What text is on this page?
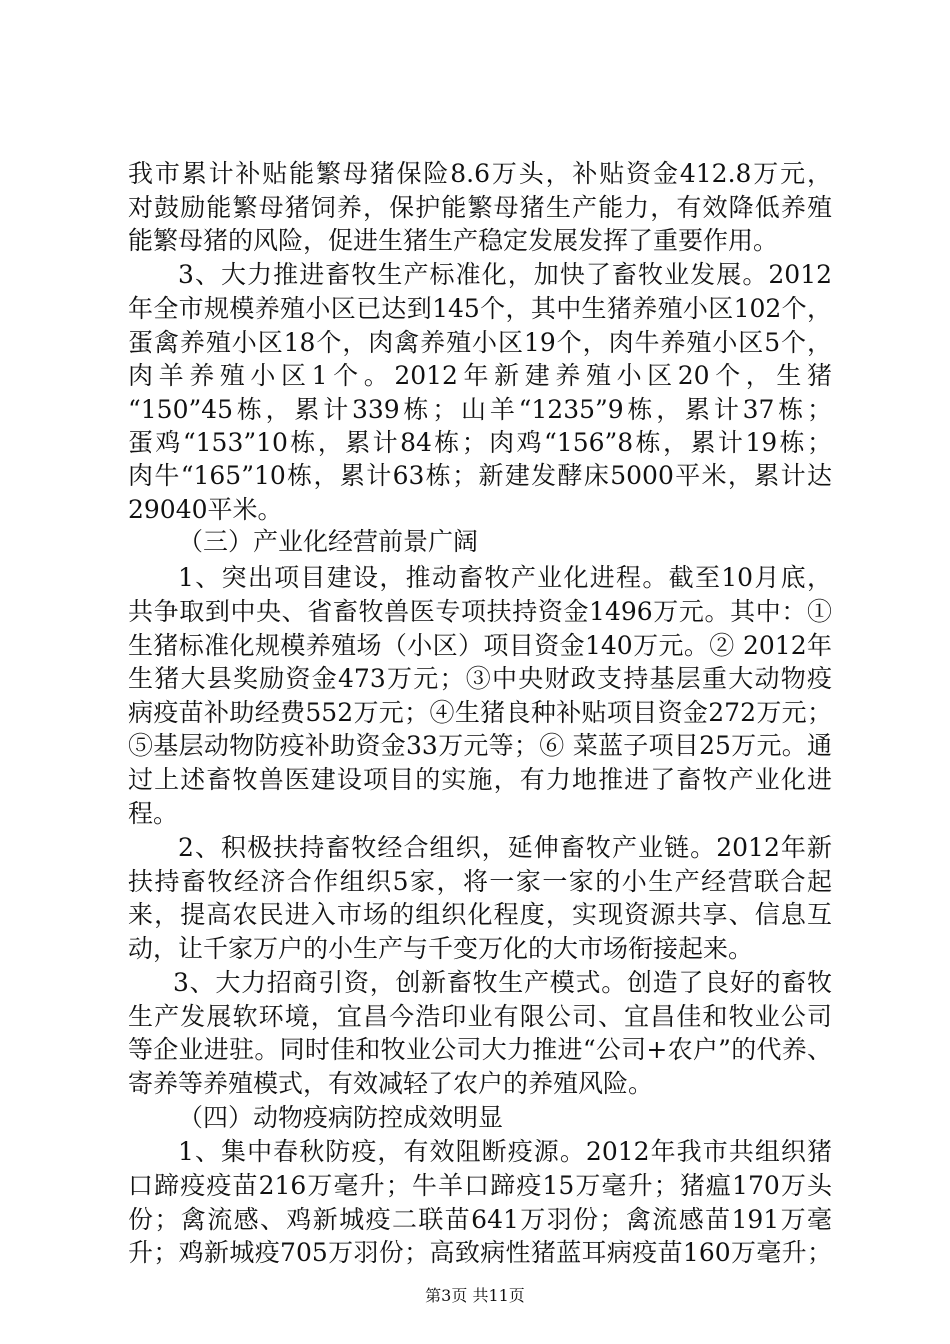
我市累计补贴能繁母猪保险8.6万头，补贴资金412.8万元，
对鼓励能繁母猪饲养，保护能繁母猪生产能力，有效降低养殖
能繁母猪的风险，促进生猪生产稳定发展发挥了重要作用。
3、大力推进畜牧生产标准化，加快了畜牧业发展。2012
年全市规模养殖小区已达到145个，其中生猪养殖小区102个，
蛋禽养殖小区18个，肉禽养殖小区19个，肉牛养殖小区5个，
肉羊养殖小区1个。2012年新建养殖小区20个，生猪
“150”45栋，累计339栋；山羊“1235”9栋，累计37栋；
蛋鸡“153”10栋，累计84栋；肉鸡“156”8栋，累计19栋；
肉牛“165”10栋，累计63栋；新建发酵床5000平米，累计达
29040平米。
（三）产业化经营前景广阔
1、突出项目建设，推动畜牧产业化进程。截至10月底，
共争取到中央、省畜牧兽医专项扶持资金1496万元。其中：①
生猪标准化规模养殖场（小区）项目资金140万元。② 2012年
生猪大县奖励资金473万元；③中央财政支持基层重大动物疫
病疫苗补助经费552万元；④生猪良种补贴项目资金272万元；
⑤基层动物防疫补助资金33万元等；⑥ 菜蓝子项目25万元。通
过上述畜牧兽医建设项目的实施，有力地推进了畜牧产业化进
程。
2、积极扶持畜牧经合组织，延伸畜牧产业链。2012年新
扶持畜牧经济合作组织5家，将一家一家的小生产经营联合起
来，提高农民进入市场的组织化程度，实现资源共享、信息互
动，让千家万户的小生产与千变万化的大市场衔接起来。
3、大力招商引资，创新畜牧生产模式。创造了良好的畜牧
生产发展软环境，宜昌今浩印业有限公司、宜昌佳和牧业公司
等企业进驻。同时佳和牧业公司大力推进“公司+农户”的代养、
寄养等养殖模式，有效减轻了农户的养殖风险。
（四）动物疫病防控成效明显
1、集中春秋防疫，有效阻断疫源。2012年我市共组织猪
口蹄疫疫苗216万毫升；牛羊口蹄疫15万毫升；猪瘟170万头
份；禽流感、鸡新城疫二联苗641万羽份；禽流感苗191万毫
升；鸡新城疫705万羽份；高致病性猪蓝耳病疫苗160万毫升；
第3页 共11页
